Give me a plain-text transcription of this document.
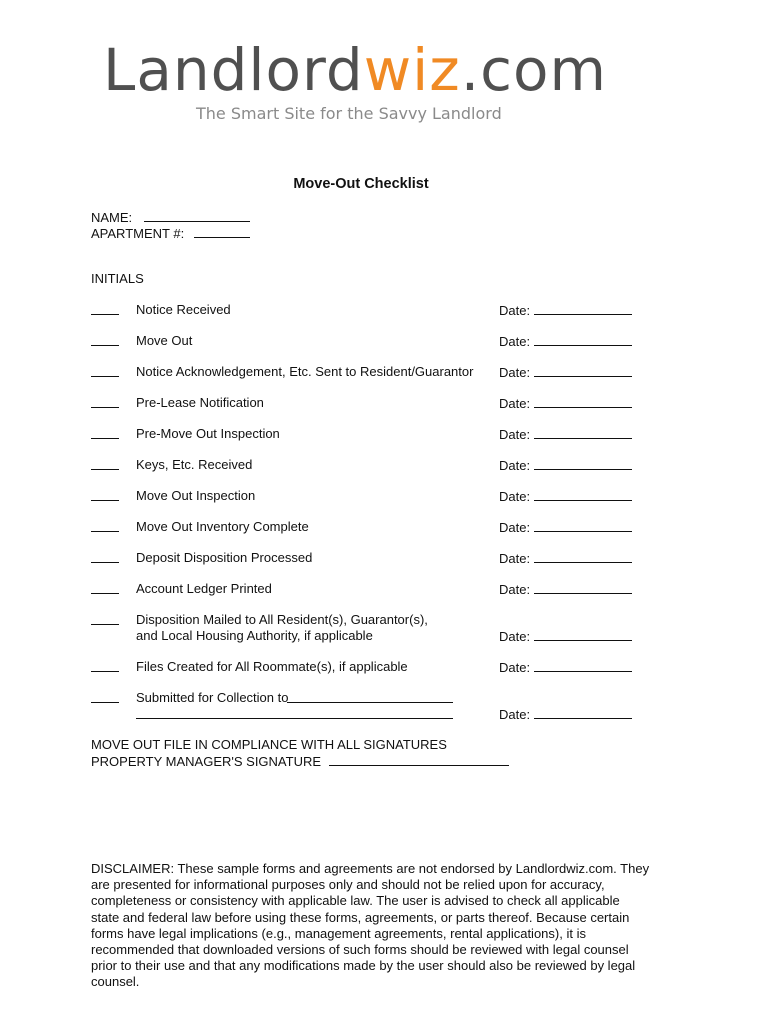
Landlordwiz.com
The Smart Site for the Savvy Landlord
Move-Out Checklist
NAME:
APARTMENT #:
INITIALS
Notice Received	Date:
Move Out	Date:
Notice Acknowledgement, Etc. Sent to Resident/Guarantor Date:
Pre-Lease Notification	Date:
Pre-Move Out Inspection	Date:
Keys, Etc. Received	Date:
Move Out Inspection	Date:
Move Out Inventory Complete	Date:
Deposit Disposition Processed	Date:
Account Ledger Printed	Date:
Disposition Mailed to All Resident(s), Guarantor(s),
and Local Housing Authority, if applicable	Date:
Files Created for All Roommate(s), if applicable	Date:
Submitted for Collection to
Date:
MOVE OUT FILE IN COMPLIANCE WITH ALL SIGNATURES
PROPERTY MANAGER'S SIGNATURE
DISCLAIMER: These sample forms and agreements are not endorsed by Landlordwiz.com. They are presented for informational purposes only and should not be relied upon for accuracy, completeness or consistency with applicable law. The user is advised to check all applicable state and federal law before using these forms, agreements, or parts thereof. Because certain forms have legal implications (e.g., management agreements, rental applications), it is recommended that downloaded versions of such forms should be reviewed with legal counsel prior to their use and that any modifications made by the user should also be reviewed by legal counsel.
